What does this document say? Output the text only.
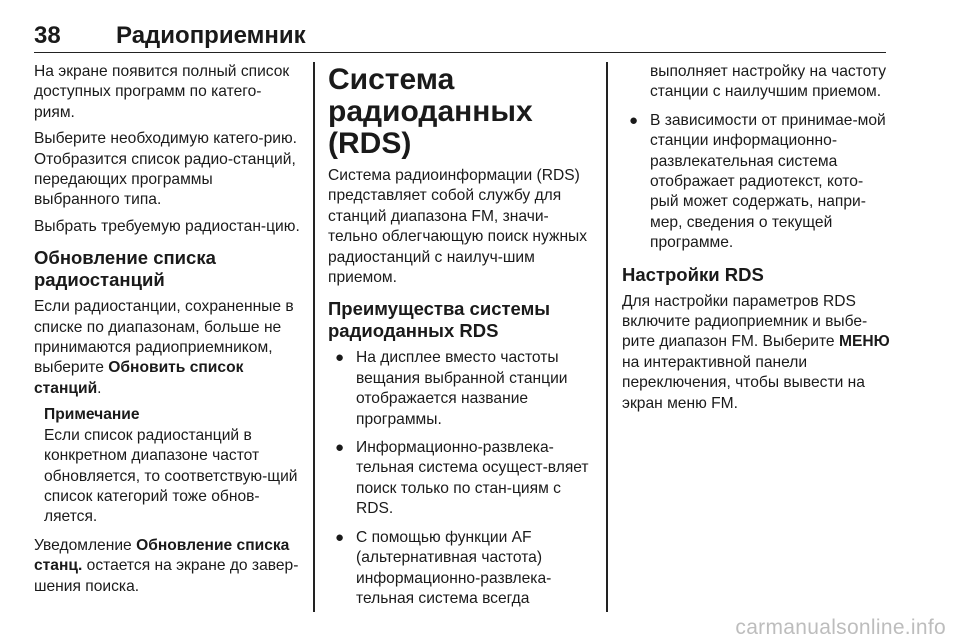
38 Радиоприемник

На экране появится полный список доступных программ по катего-риям.

Выберите необходимую катего-рию. Отобразится список радио-станций, передающих программы выбранного типа.

Выбрать требуемую радиостан-цию.

Обновление списка радиостанций

Если радиостанции, сохраненные в списке по диапазонам, больше не принимаются радиоприемником, выберите Обновить список станций.

Примечание
Если список радиостанций в конкретном диапазоне частот обновляется, то соответствую-щий список категорий тоже обнов-ляется.

Уведомление Обновление списка станц. остается на экране до завер-шения поиска.

Система радиоданных (RDS)

Система радиоинформации (RDS) представляет собой службу для станций диапазона FM, значи-тельно облегчающую поиск нужных радиостанций с наилуч-шим приемом.

Преимущества системы радиоданных RDS
● На дисплее вместо частоты вещания выбранной станции отображается название программы.
● Информационно-развлека-тельная система осущест-вляет поиск только по стан-циям с RDS.
● С помощью функции AF (альтернативная частота) информационно-развлека-тельная система всегда
выполняет настройку на частоту станции с наилучшим приемом.
● В зависимости от принимае-мой станции информационно-развлекательная система отображает радиотекст, кото-рый может содержать, напри-мер, сведения о текущей программе.
Настройки RDS

Для настройки параметров RDS включите радиоприемник и выбе-рите диапазон FM. Выберите МЕНЮ на интерактивной панели переключения, чтобы вывести на экран меню FM.

carmanualsonline.info
